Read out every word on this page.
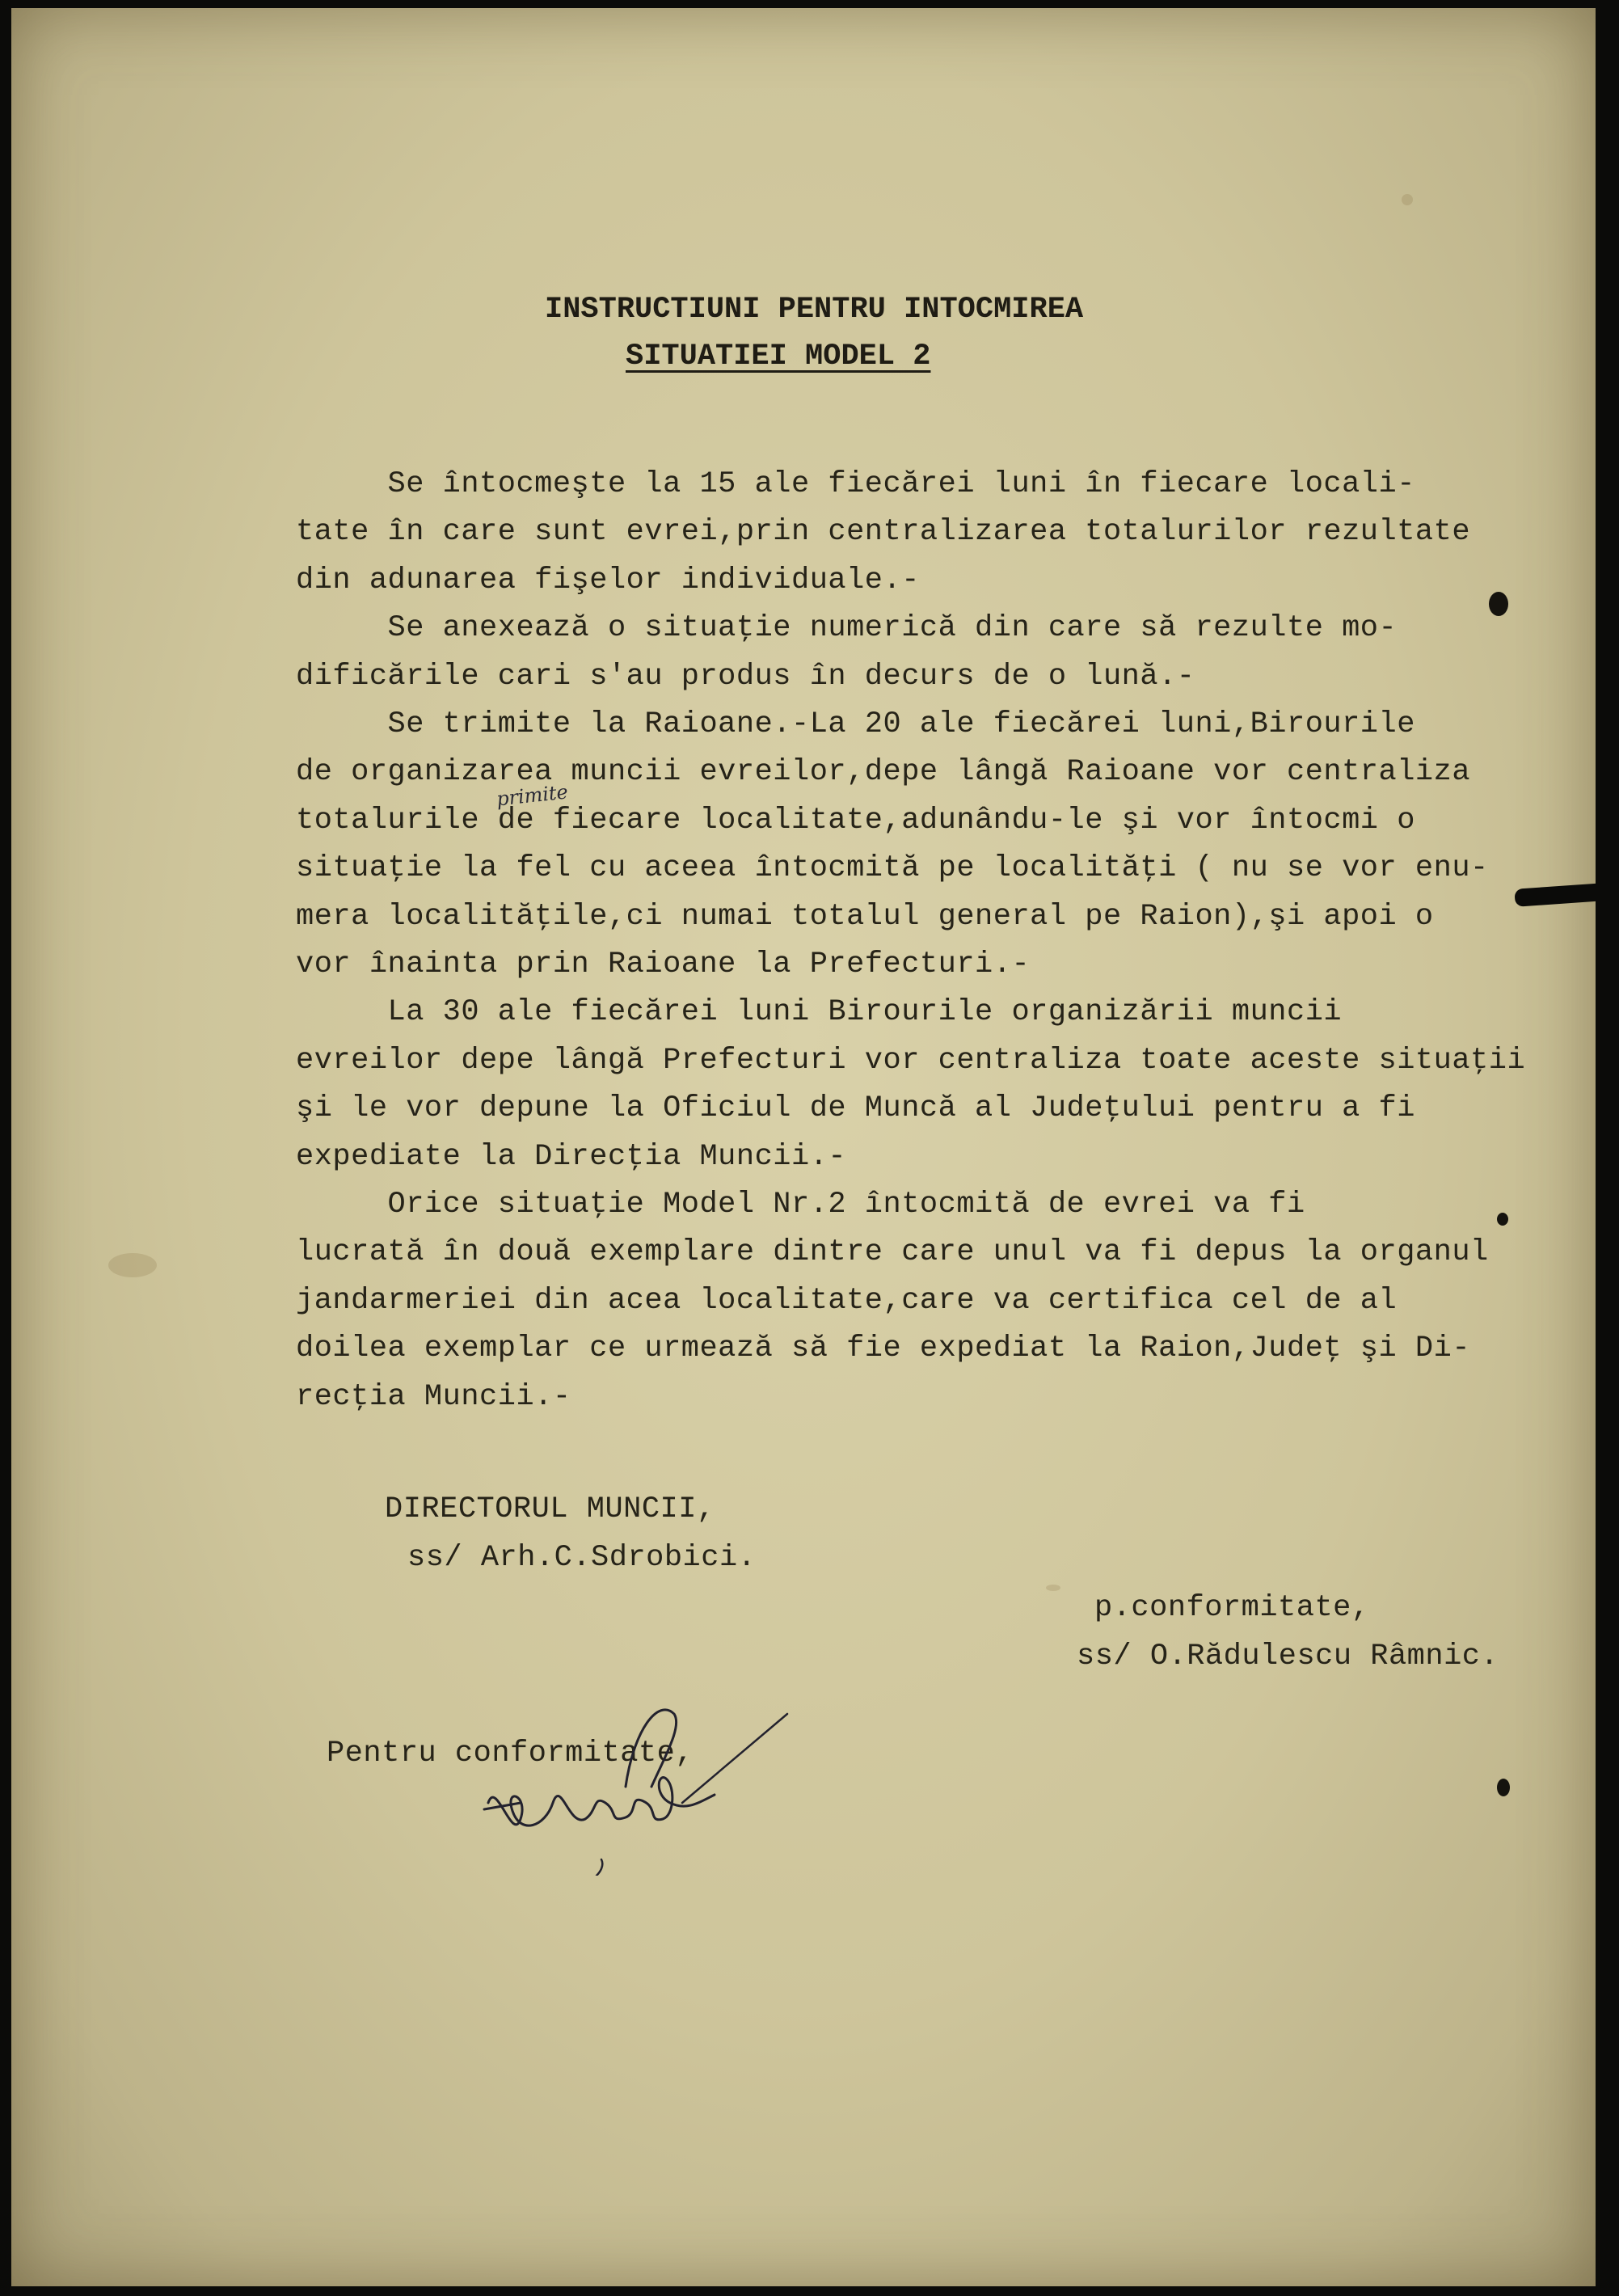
INSTRUCTIUNI PENTRU INTOCMIREA
SITUATIEI MODEL 2
Se întocmeşte la 15 ale fiecărei luni în fiecare locali-
tate în care sunt evrei,prin centralizarea totalurilor rezultate
din adunarea fişelor individuale.-
Se anexează o situaţie numerică din care să rezulte mo-
dificările cari s'au produs în decurs de o lună.-
Se trimite la Raioane.-La 20 ale fiecărei luni,Birourile
de organizarea muncii evreilor,depe lângă Raioane vor centraliza
totalurile de fiecare localitate,adunându-le şi vor întocmi o
situaţie la fel cu aceea întocmită pe localităţi ( nu se vor enu-
mera localităţile,ci numai totalul general pe Raion),şi apoi o
vor înainta prin Raioane la Prefecturi.-
La 30 ale fiecărei luni Birourile organizării muncii
evreilor depe lângă Prefecturi vor centraliza toate aceste situaţii
şi le vor depune la Oficiul de Muncă al Judeţului pentru a fi
expediate la Direcţia Muncii.-
Orice situaţie Model Nr.2 întocmită de evrei va fi
lucrată în două exemplare dintre care unul va fi depus la organul
jandarmeriei din acea localitate,care va certifica cel de al
doilea exemplar ce urmează să fie expediat la Raion,Judeţ şi Di-
recţia Muncii.-
primite
DIRECTORUL MUNCII,
ss/ Arh.C.Sdrobici.
p.conformitate,
ss/ O.Rădulescu Râmnic.
Pentru conformitate,
